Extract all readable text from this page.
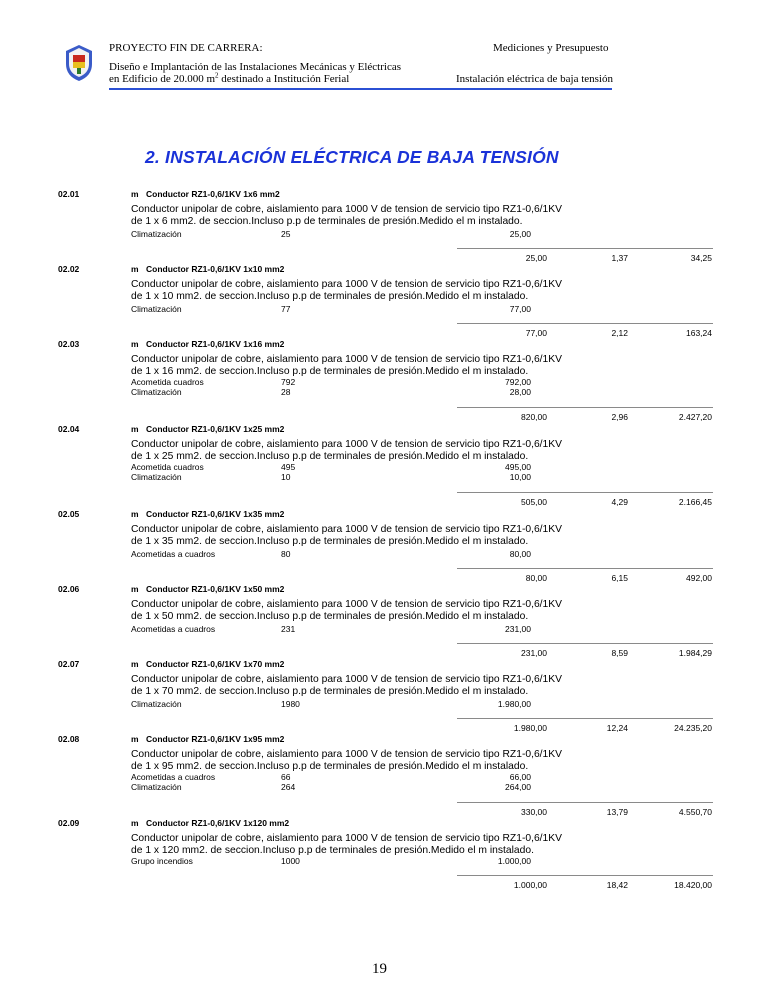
PROYECTO FIN DE CARRERA:	Mediciones y Presupuesto
Diseño e Implantación de las Instalaciones Mecánicas y Eléctricas
en Edificio de 20.000 $m^2$ destinado a Institución Ferial	Instalación eléctrica de baja tensión
2. INSTALACIÓN ELÉCTRICA DE BAJA TENSIÓN
02.01	m Conductor RZ1-0,6/1KV 1x6 mm2
Conductor unipolar de cobre, aislamiento para 1000 V de tension de servicio tipo RZ1-0,6/1KV de 1 x 6 mm2. de seccion.Incluso p.p de terminales de presión.Medido el m instalado.
Climatización	25	25,00
25,00	1,37	34,25
02.02	m Conductor RZ1-0,6/1KV 1x10 mm2
Conductor unipolar de cobre, aislamiento para 1000 V de tension de servicio tipo RZ1-0,6/1KV de 1 x 10 mm2. de seccion.Incluso p.p de terminales de presión.Medido el m instalado.
Climatización	77	77,00
77,00	2,12	163,24
02.03	m Conductor RZ1-0,6/1KV 1x16 mm2
Conductor unipolar de cobre, aislamiento para 1000 V de tension de servicio tipo RZ1-0,6/1KV de 1 x 16 mm2. de seccion.Incluso p.p de terminales de presión.Medido el m instalado.
Acometida cuadros	792	792,00
Climatización	28	28,00
820,00	2,96	2.427,20
02.04	m Conductor RZ1-0,6/1KV 1x25 mm2
Conductor unipolar de cobre, aislamiento para 1000 V de tension de servicio tipo RZ1-0,6/1KV de 1 x 25 mm2. de seccion.Incluso p.p de terminales de presión.Medido el m instalado.
Acometida cuadros	495	495,00
Climatización	10	10,00
505,00	4,29	2.166,45
02.05	m Conductor RZ1-0,6/1KV 1x35 mm2
Conductor unipolar de cobre, aislamiento para 1000 V de tension de servicio tipo RZ1-0,6/1KV de 1 x 35 mm2. de seccion.Incluso p.p de terminales de presión.Medido el m instalado.
Acometidas a cuadros	80	80,00
80,00	6,15	492,00
02.06	m Conductor RZ1-0,6/1KV 1x50 mm2
Conductor unipolar de cobre, aislamiento para 1000 V de tension de servicio tipo RZ1-0,6/1KV de 1 x 50 mm2. de seccion.Incluso p.p de terminales de presión.Medido el m instalado.
Acometidas a cuadros	231	231,00
231,00	8,59	1.984,29
02.07	m Conductor RZ1-0,6/1KV 1x70 mm2
Conductor unipolar de cobre, aislamiento para 1000 V de tension de servicio tipo RZ1-0,6/1KV de 1 x 70 mm2. de seccion.Incluso p.p de terminales de presión.Medido el m instalado.
Climatización	1980	1.980,00
1.980,00	12,24	24.235,20
02.08	m Conductor RZ1-0,6/1KV 1x95 mm2
Conductor unipolar de cobre, aislamiento para 1000 V de tension de servicio tipo RZ1-0,6/1KV de 1 x 95 mm2. de seccion.Incluso p.p de terminales de presión.Medido el m instalado.
Acometidas a cuadros	66	66,00
Climatización	264	264,00
330,00	13,79	4.550,70
02.09	m Conductor RZ1-0,6/1KV 1x120 mm2
Conductor unipolar de cobre, aislamiento para 1000 V de tension de servicio tipo RZ1-0,6/1KV de 1 x 120 mm2. de seccion.Incluso p.p de terminales de presión.Medido el m instalado.
Grupo incendios	1000	1.000,00
1.000,00	18,42	18.420,00
19
